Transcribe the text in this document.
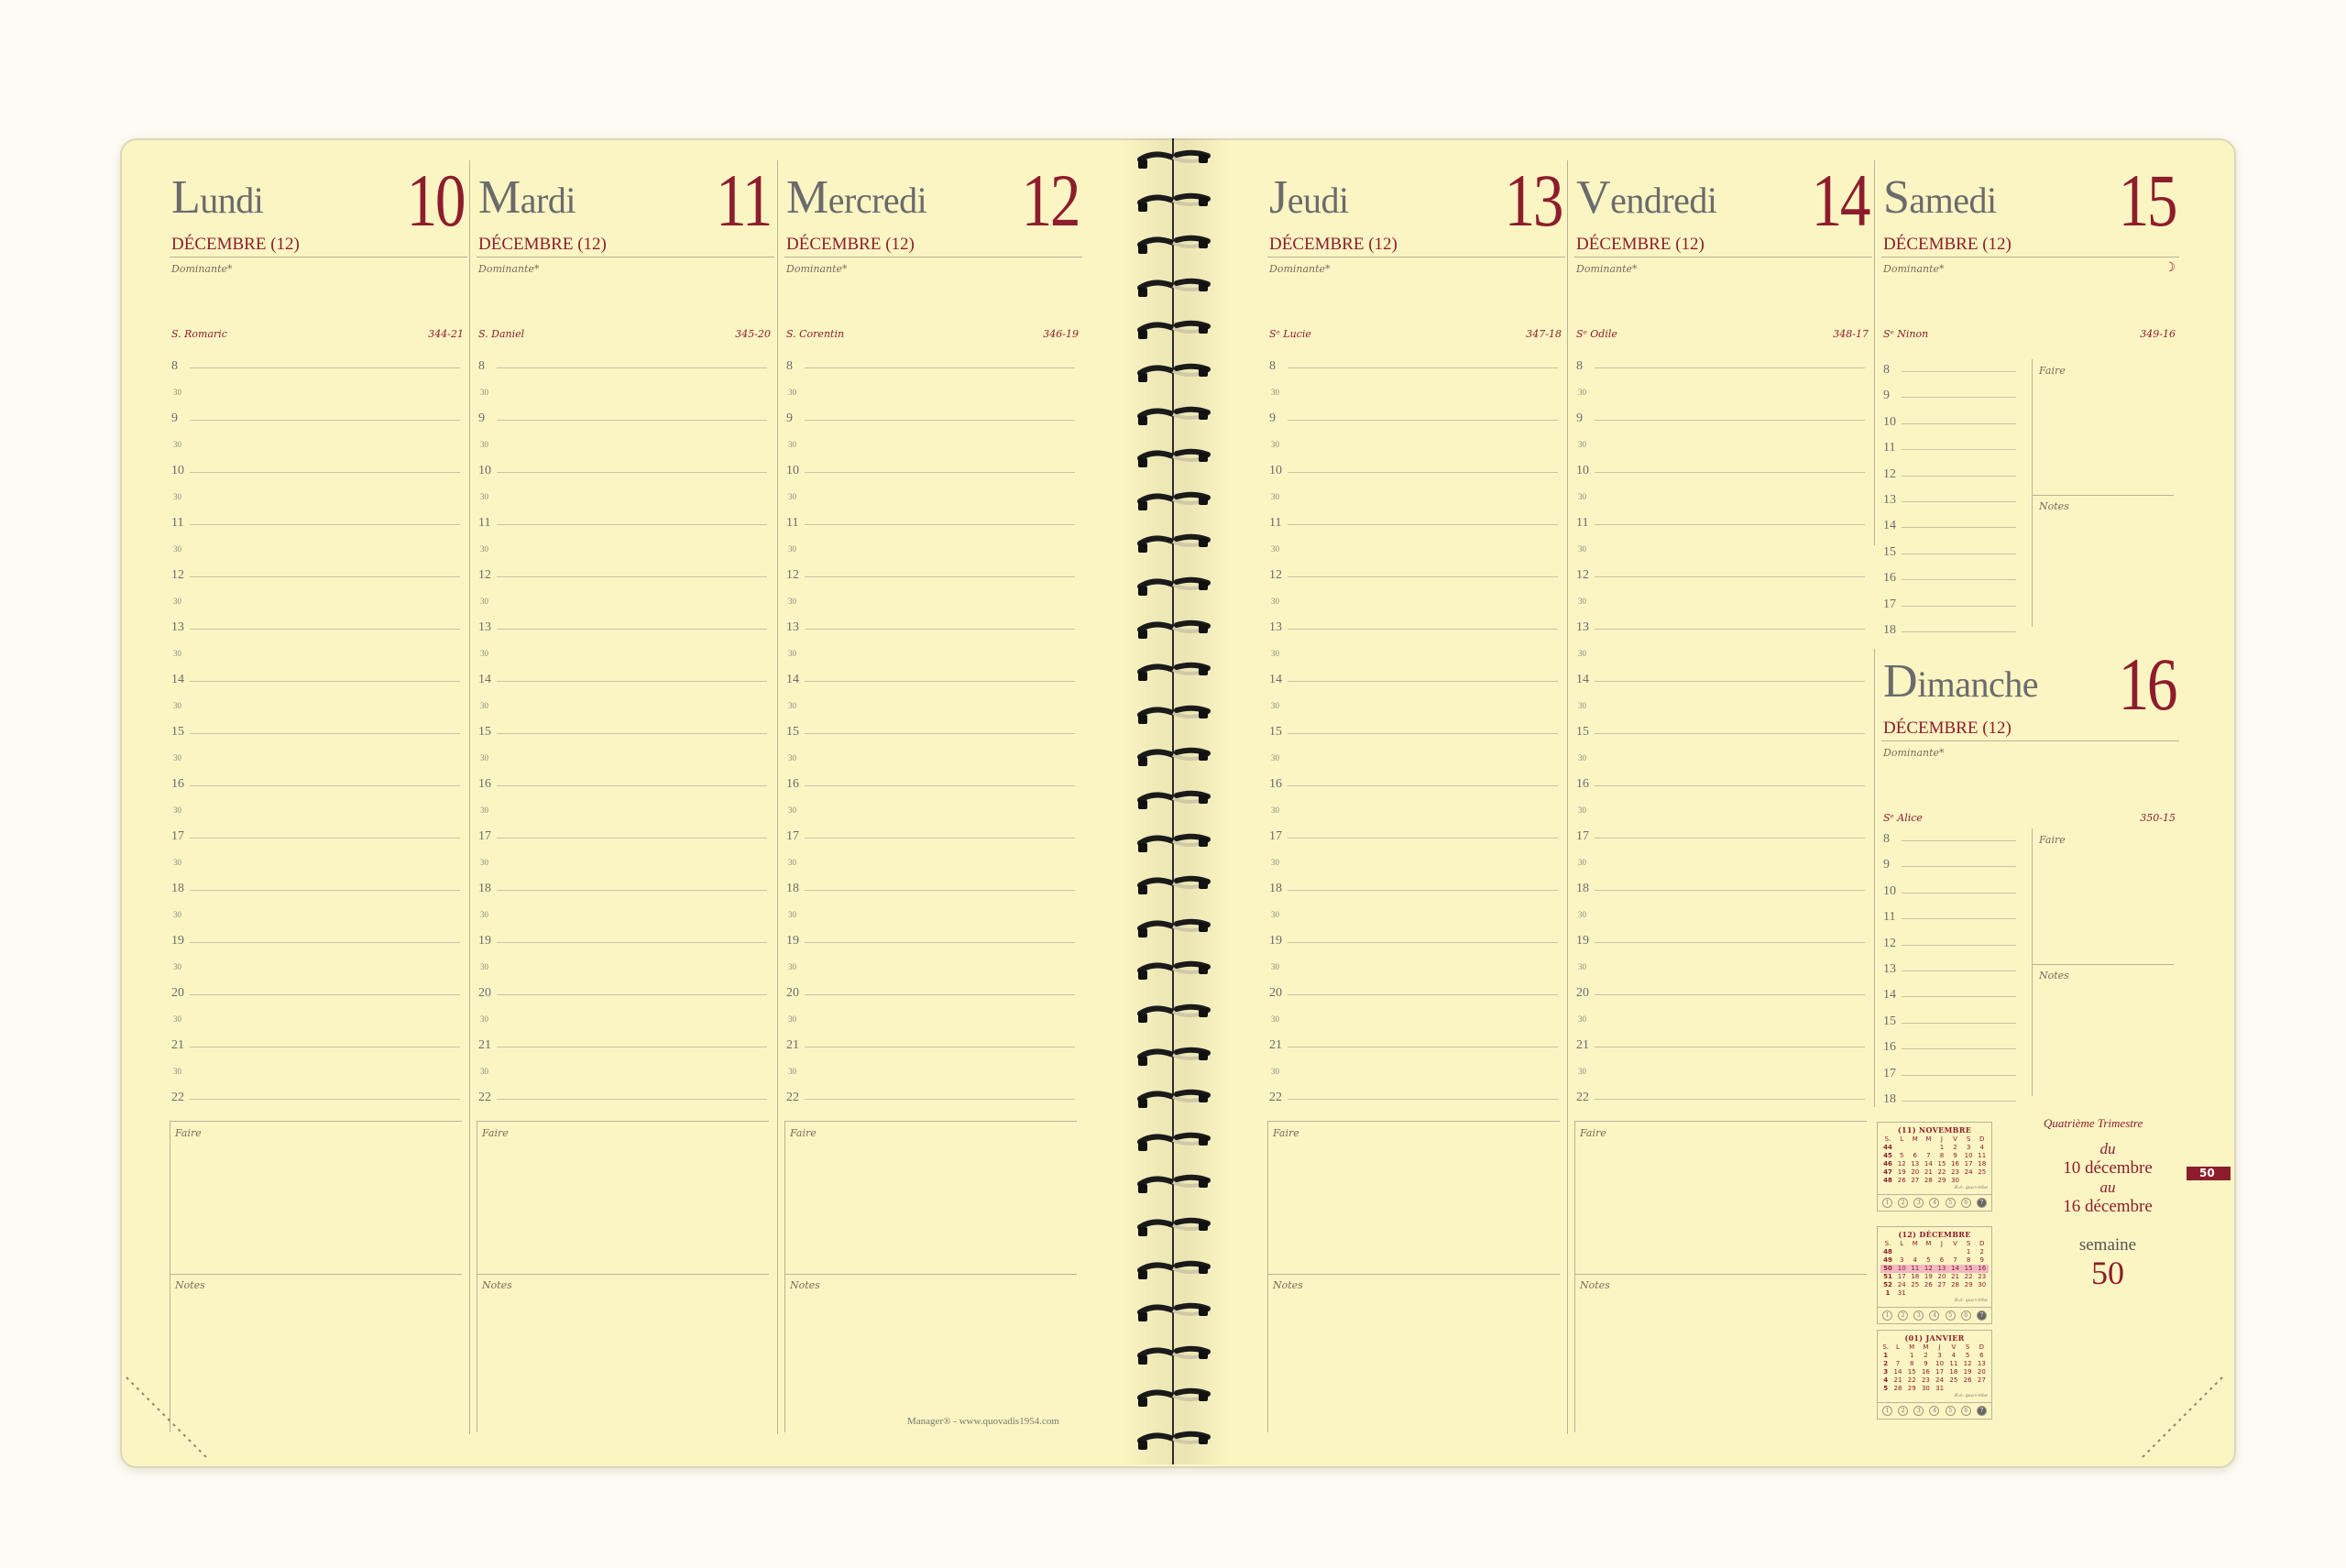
Lundi 10
DÉCEMBRE (12)
Dominante*
S. Romaric	344-21
8
30
9
30
10
30
11
30
12
30
13
30
14
30
15
30
16
30
17
30
18
30
19
30
20
30
21
30
22
Faire
Notes
Mardi 11
DÉCEMBRE (12)
Dominante*
S. Daniel	345-20
8
30
9
30
10
30
11
30
12
30
13
30
14
30
15
30
16
30
17
30
18
30
19
30
20
30
21
30
22
Faire
Notes
Mercredi 12
DÉCEMBRE (12)
Dominante*
S. Corentin	346-19
8
30
9
30
10
30
11
30
12
30
13
30
14
30
15
30
16
30
17
30
18
30
19
30
20
30
21
30
22
Faire
Notes
Jeudi 13
DÉCEMBRE (12)
Dominante*
Sᵉ Lucie	347-18
8
30
9
30
10
30
11
30
12
30
13
30
14
30
15
30
16
30
17
30
18
30
19
30
20
30
21
30
22
Faire
Notes
Vendredi 14
DÉCEMBRE (12)
Dominante*
Sᵉ Odile	348-17
8
30
9
30
10
30
11
30
12
30
13
30
14
30
15
30
16
30
17
30
18
30
19
30
20
30
21
30
22
Faire
Notes
Samedi 15
DÉCEMBRE (12)
Dominante*
Sᵉ Ninon	349-16
☽
8
9
10
11
12
13
14
15
16
17
18
Faire
Notes
Dimanche 16
DÉCEMBRE (12)
Dominante*
Sᵉ Alice	350-15
8
9
10
11
12
13
14
15
16
17
18
Faire
Notes
Manager® - www.quovadis1954.com
(11) NOVEMBRE
S.	L	M	M	J	V	S	D
44				1	2	3	4
45	5	6	7	8	9	10	11
46	12	13	14	15	16	17	18
47	19	20	21	22	23	24	25
48	26	27	28	29	30		
R.é: qua+mhe
1	2	3	4	5	6	7
(12) DÉCEMBRE
S.	L	M	M	J	V	S	D
48						1	2
49	3	4	5	6	7	8	9
50	10	11	12	13	14	15	16
51	17	18	19	20	21	22	23
52	24	25	26	27	28	29	30
1	31						
R.é: qua+mhe
1	2	3	4	5	6	7
(01) JANVIER
S.	L	M	M	J	V	S	D
1		1	2	3	4	5	6
2	7	8	9	10	11	12	13
3	14	15	16	17	18	19	20
4	21	22	23	24	25	26	27
5	28	29	30	31			
R.é: qua+mhe
1	2	3	4	5	6	7
Quatrième Trimestre
du
10 décembre
au
16 décembre
semaine
50
50
